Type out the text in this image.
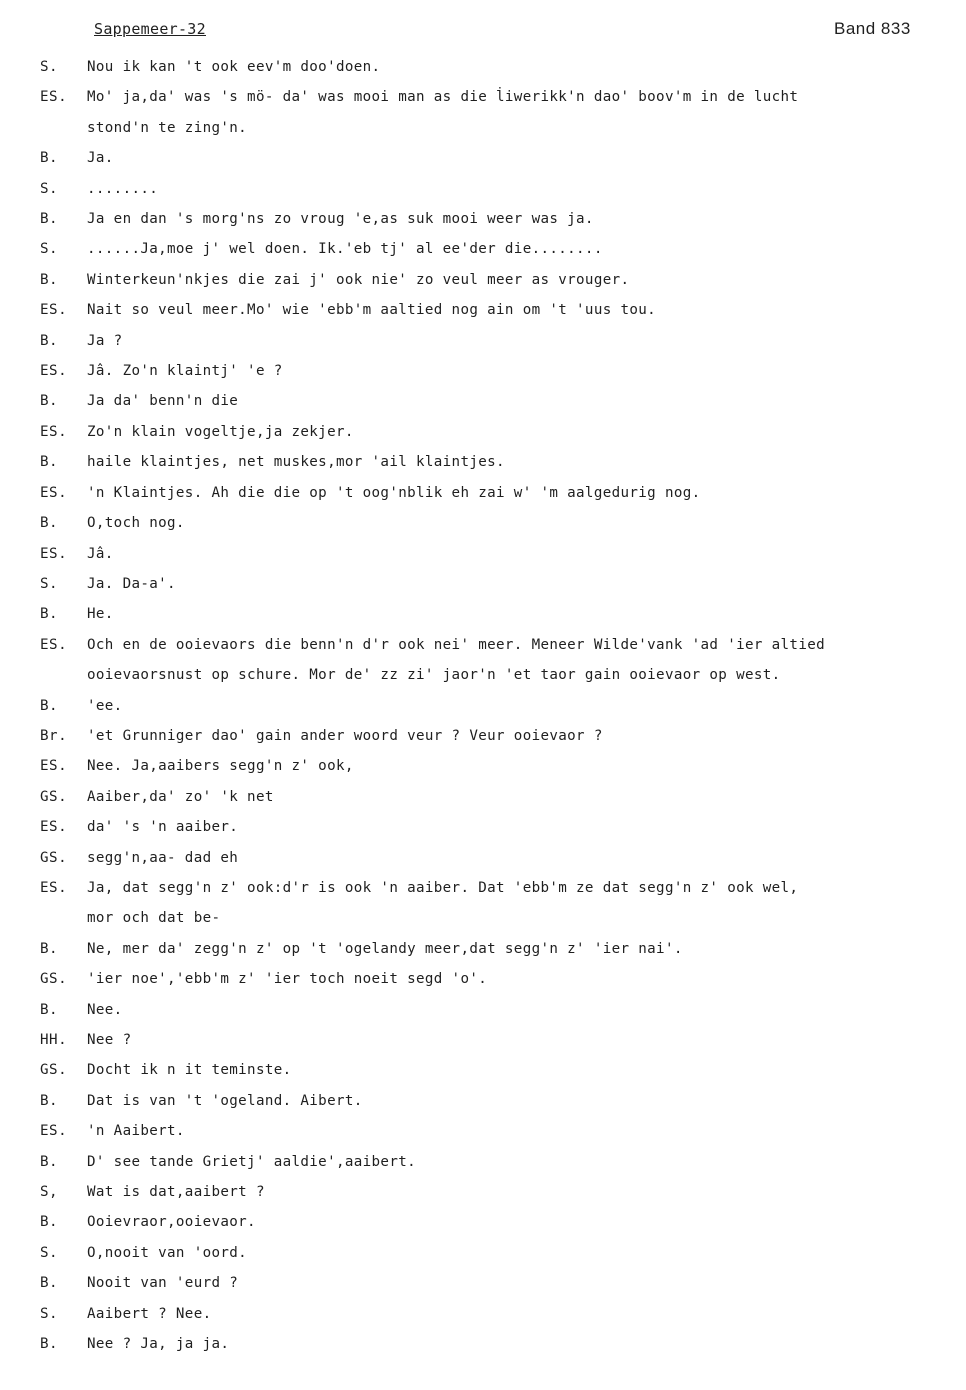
Sappemeer-32	Band 833
S.	Nou ik kan 't ook eev'm doo'doen.
ES.	Mo' ja,da' was 's mö- da' was mooi man as die l̇iwerikk'n dao' boov'm in de lucht
stond'n te zing'n.
B.	Ja.
S.	........
B.	Ja en dan 's morg'ns zo vroug 'e,as suk mooi weer was ja.
S.	......Ja,moe j' wel doen. Ik.'eb tj' al ee'der die........
B.	Winterkeun'nkjes die zai j' ook nie' zo veul meer as vrouger.
ES.	Nait so veul meer.Mo' wie 'ebb'm aaltied nog ain om 't 'uus tou.
B.	Ja ?
ES.	Jâ. Zo'n klaintj' 'e ?
B.	Ja da' benn'n die
ES.	Zo'n klain vogeltje,ja zekjer.
B.	haile klaintjes, net muskes,mor 'ail klaintjes.
ES.	'n Klaintjes. Ah die die op 't oog'nblik eh zai w' 'm aalgedurig nog.
B.	O,toch nog.
ES.	Jâ.
S.	Ja. Da-a'.
B.	He.
ES.	Och en de ooievaors die benn'n d'r ook nei' meer. Meneer Wilde'vank 'ad 'ier altied
ooievaorsnust op schure. Mor de' zz zi' jaor'n 'et taor gain ooievaor op west.
B.	'ee.
Br.	'et Grunniger dao' gain ander woord veur ? Veur ooievaor ?
ES.	Nee. Ja,aaibers segg'n z' ook,
GS.	Aaiber,da' zo' 'k net
ES.	da' 's 'n aaiber.
GS.	segg'n,aa- dad eh
ES.	Ja, dat segg'n z' ook:d'r is ook 'n aaiber. Dat 'ebb'm ze dat segg'n z' ook wel,
mor och dat be-
B.	Ne, mer da' zegg'n z' op 't 'ogelandy meer,dat segg'n z' 'ier nai'.
GS.	'ier noe','ebb'm z' 'ier toch noeit segd 'o'.
B.	Nee.
HH.	Nee ?
GS.	Docht ik n it teminste.
B.	Dat is van 't 'ogeland. Aibert.
ES.	'n Aaibert.
B.	D' see tande Grietj' aaldie',aaibert.
S,	Wat is dat,aaibert ?
B.	Ooievraor,ooievaor.
S.	O,nooit van 'oord.
B.	Nooit van 'eurd ?
S.	Aaibert ? Nee.
B.	Nee ? Ja, ja ja.
